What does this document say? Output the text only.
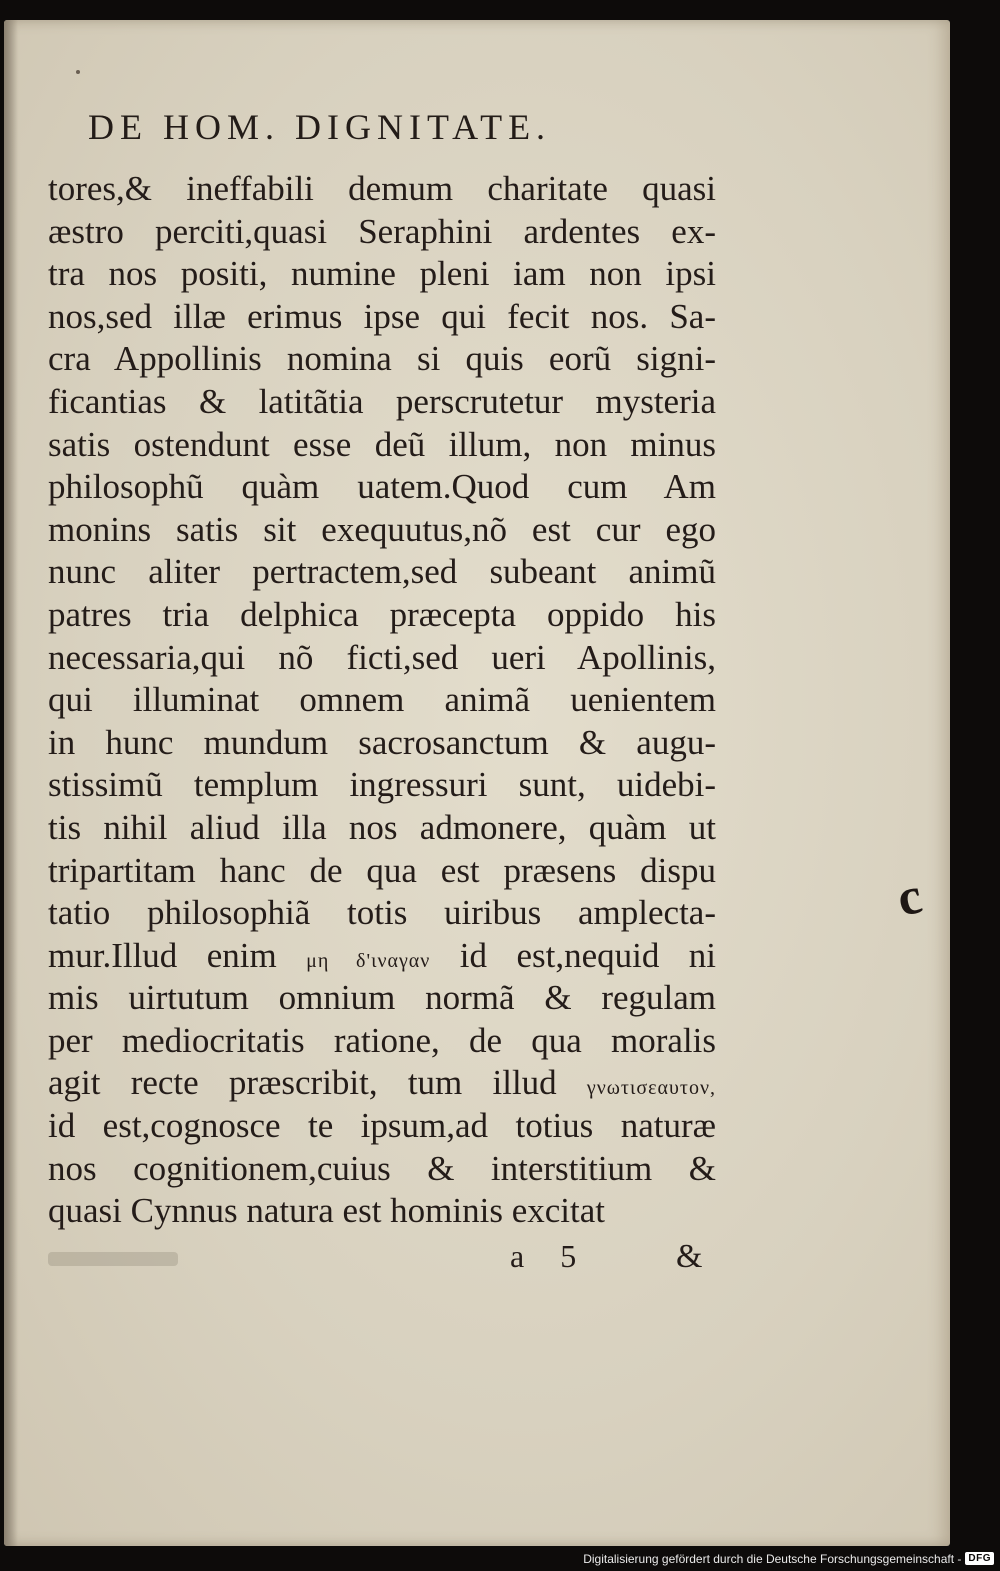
DE HOM. DIGNITATE.
tores,& ineffabili demum charitate quasi
æstro perciti,quasi Seraphini ardentes ex-
tra nos positi, numine pleni iam non ipsi
nos,sed illæ erimus ipse qui fecit nos. Sa-
cra Appollinis nomina si quis eorũ signi-
ficantias & latitãtia perscrutetur mysteria
satis ostendunt esse deũ illum, non minus
philosophũ quàm uatem.Quod cum Am
monins satis sit exequutus,nõ est cur ego
nunc aliter pertractem,sed subeant animũ
patres tria delphica præcepta oppido his
necessaria,qui nõ ficti,sed ueri Apollinis,
qui illuminat omnem animã uenientem
in hunc mundum sacrosanctum & augu-
stissimũ templum ingressuri sunt, uidebi-
tis nihil aliud illa nos admonere, quàm ut
tripartitam hanc de qua est præsens dispu
tatio philosophiã totis uiribus amplecta-
mur.Illud enim μη δ'ιναγαν id est,nequid ni
mis uirtutum omnium normã & regulam
per mediocritatis ratione, de qua moralis
agit recte præscribit, tum illud γνωτισεαυτον,
id est,cognosce te ipsum,ad totius naturæ
nos cognitionem,cuius & interstitium &
quasi Cynnus natura est hominis excitat
a 5	&
c
Digitalisierung gefördert durch die Deutsche Forschungsgemeinschaft - DFG
